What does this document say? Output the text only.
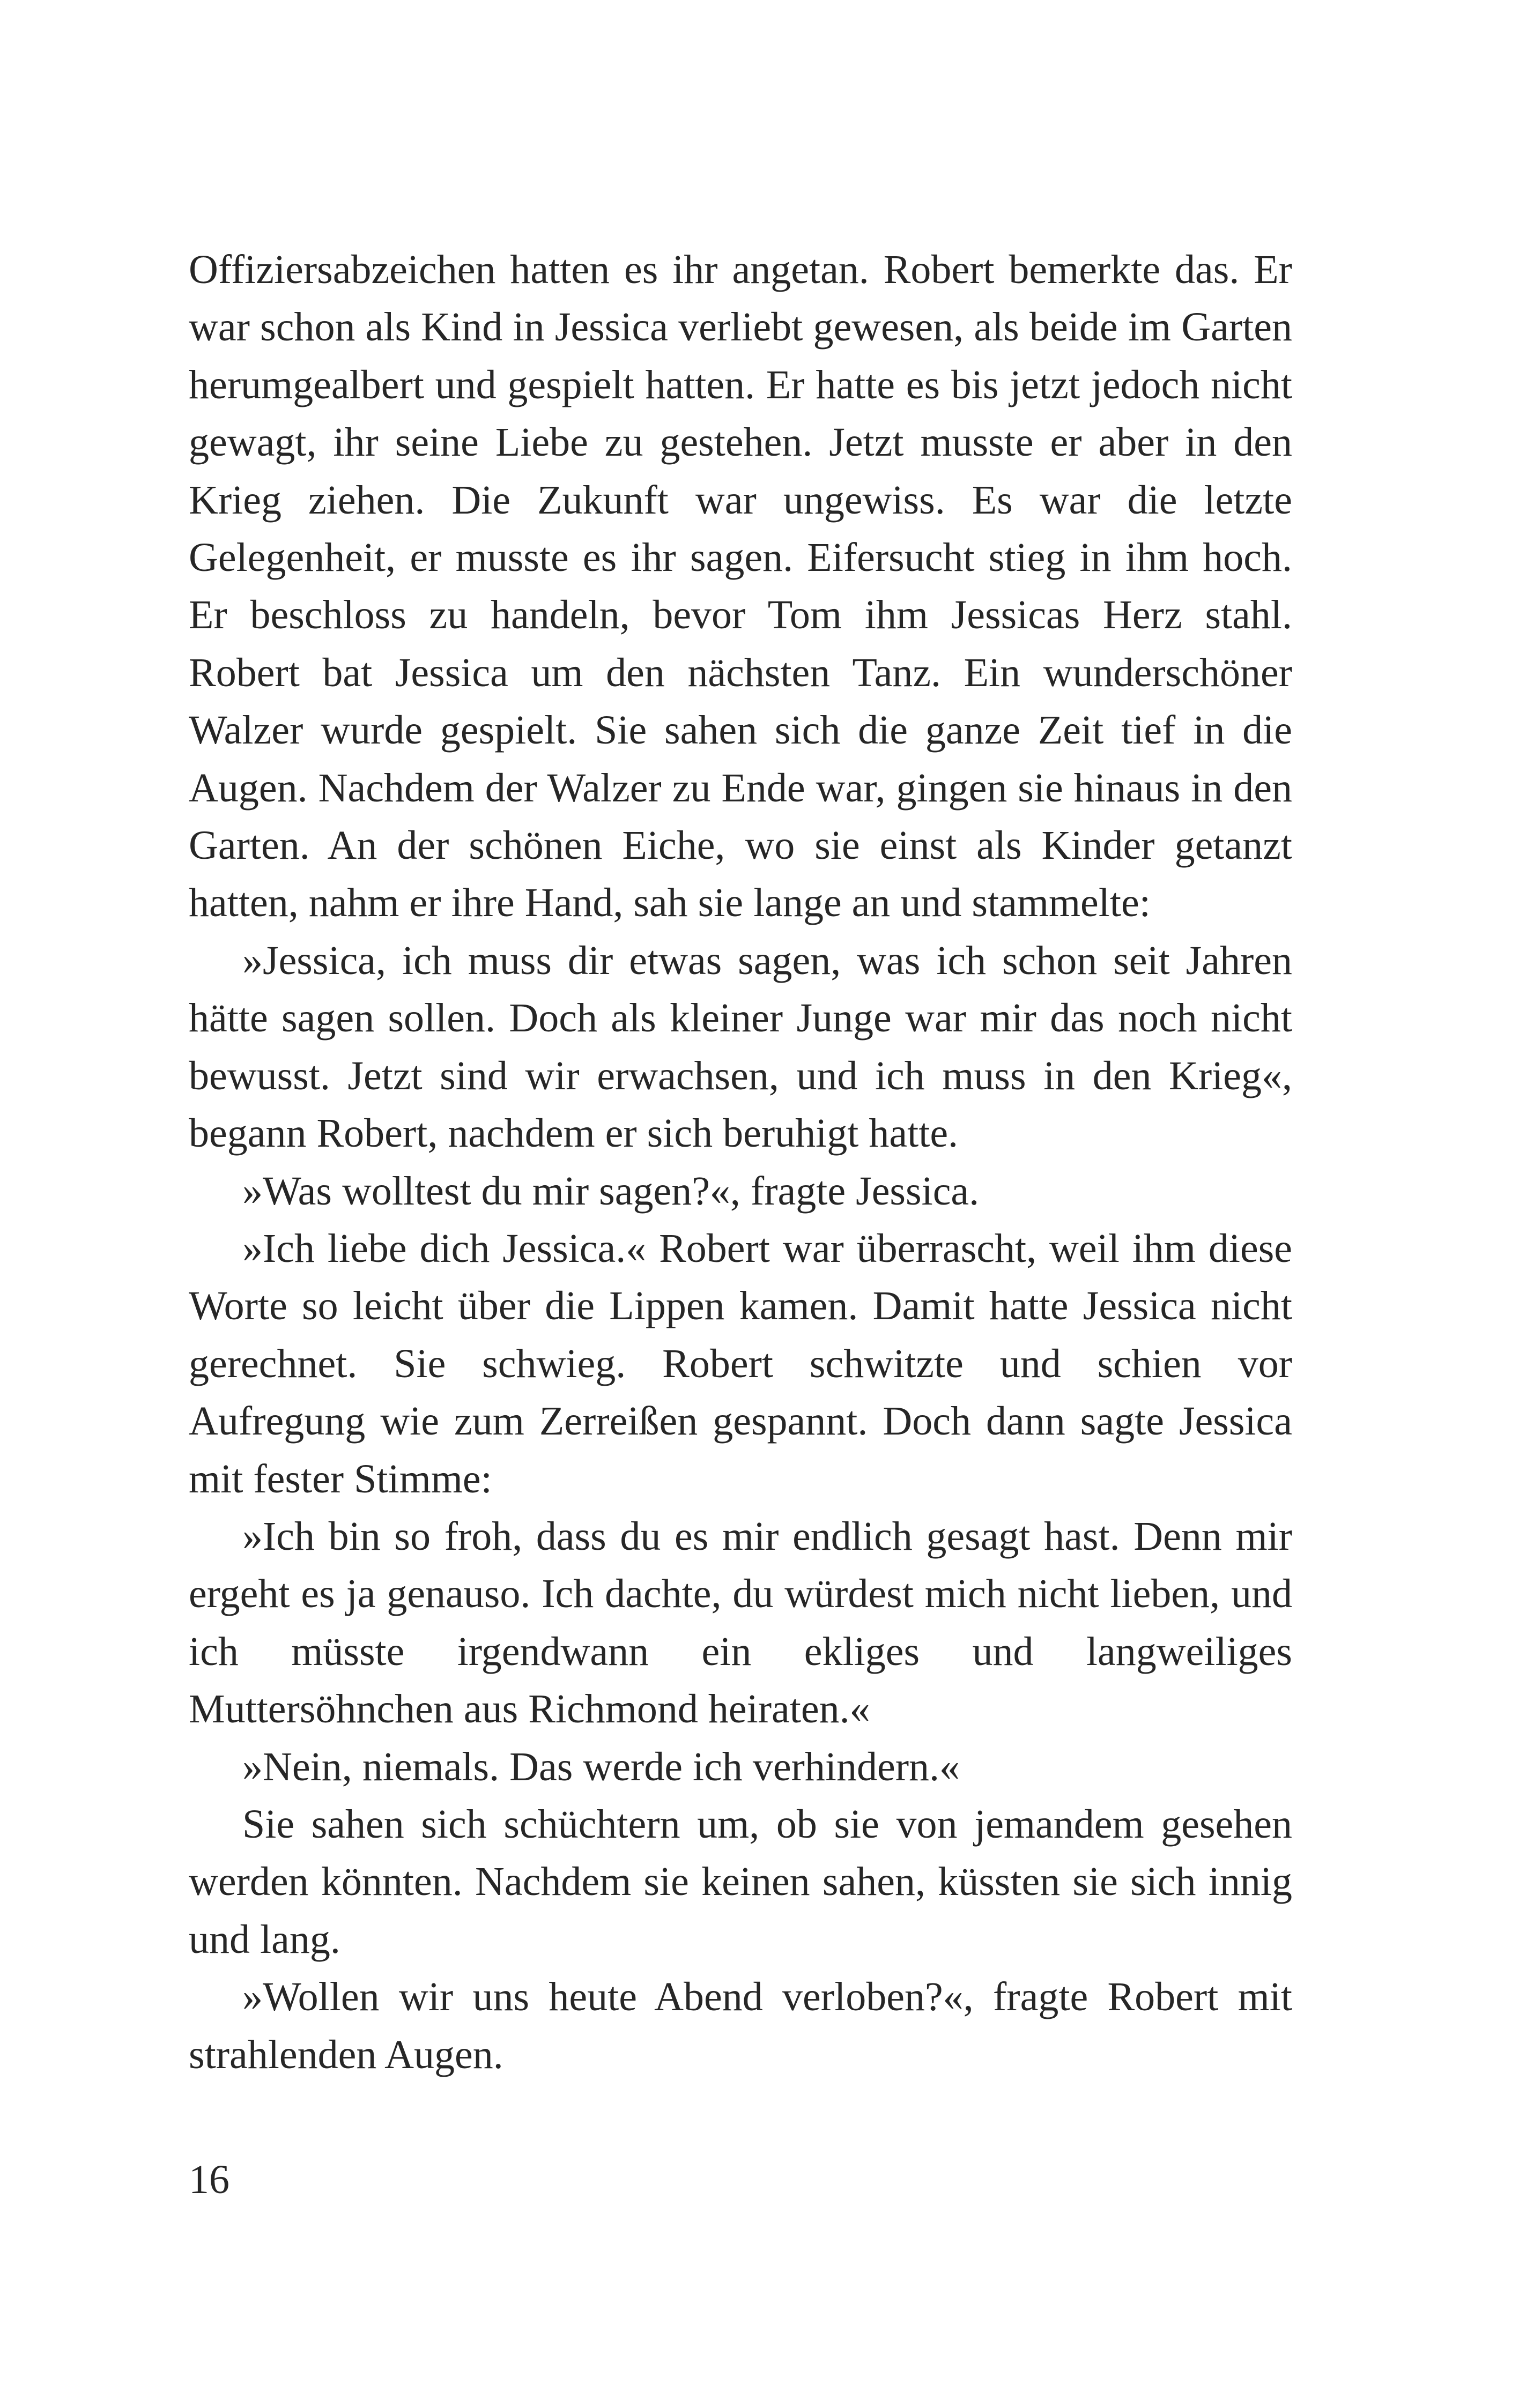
Offiziersabzeichen hatten es ihr angetan. Robert bemerkte das. Er war schon als Kind in Jessica verliebt gewesen, als beide im Garten herumgealbert und gespielt hatten. Er hatte es bis jetzt jedoch nicht gewagt, ihr seine Liebe zu gestehen. Jetzt musste er aber in den Krieg ziehen. Die Zukunft war ungewiss. Es war die letzte Gelegenheit, er musste es ihr sagen. Eifersucht stieg in ihm hoch. Er beschloss zu handeln, bevor Tom ihm Jessicas Herz stahl. Robert bat Jessica um den nächsten Tanz. Ein wunderschöner Walzer wurde gespielt. Sie sahen sich die ganze Zeit tief in die Augen. Nachdem der Walzer zu Ende war, gingen sie hinaus in den Garten. An der schönen Eiche, wo sie einst als Kinder getanzt hatten, nahm er ihre Hand, sah sie lange an und stammelte:

»Jessica, ich muss dir etwas sagen, was ich schon seit Jahren hätte sagen sollen. Doch als kleiner Junge war mir das noch nicht bewusst. Jetzt sind wir erwachsen, und ich muss in den Krieg«, begann Robert, nachdem er sich beruhigt hatte.

»Was wolltest du mir sagen?«, fragte Jessica.

»Ich liebe dich Jessica.« Robert war überrascht, weil ihm diese Worte so leicht über die Lippen kamen. Damit hatte Jessica nicht gerechnet. Sie schwieg. Robert schwitzte und schien vor Aufregung wie zum Zerreißen gespannt. Doch dann sagte Jessica mit fester Stimme:

»Ich bin so froh, dass du es mir endlich gesagt hast. Denn mir ergeht es ja genauso. Ich dachte, du würdest mich nicht lieben, und ich müsste irgendwann ein ekliges und langweiliges Muttersöhnchen aus Richmond heiraten.«

»Nein, niemals. Das werde ich verhindern.«

Sie sahen sich schüchtern um, ob sie von jemandem gesehen werden könnten. Nachdem sie keinen sahen, küssten sie sich innig und lang.

»Wollen wir uns heute Abend verloben?«, fragte Robert mit strahlenden Augen.

16
